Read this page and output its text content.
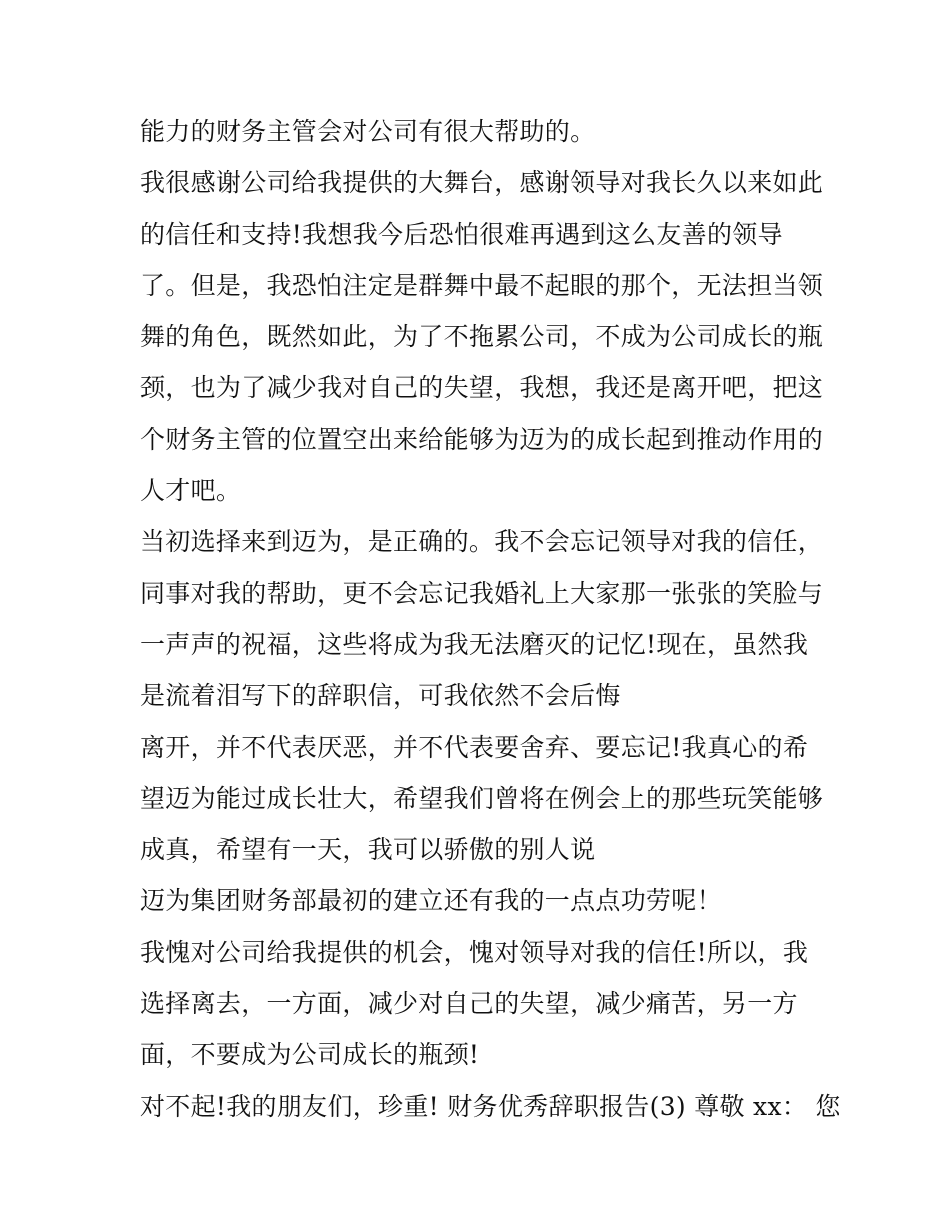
能力的财务主管会对公司有很大帮助的。
我很感谢公司给我提供的大舞台，感谢领导对我长久以来如此
的信任和支持!我想我今后恐怕很难再遇到这么友善的领导
了。但是，我恐怕注定是群舞中最不起眼的那个，无法担当领
舞的角色，既然如此，为了不拖累公司，不成为公司成长的瓶
颈，也为了减少我对自己的失望，我想，我还是离开吧，把这
个财务主管的位置空出来给能够为迈为的成长起到推动作用的
人才吧。
当初选择来到迈为，是正确的。我不会忘记领导对我的信任，
同事对我的帮助，更不会忘记我婚礼上大家那一张张的笑脸与
一声声的祝福，这些将成为我无法磨灭的记忆!现在，虽然我
是流着泪写下的辞职信，可我依然不会后悔
离开，并不代表厌恶，并不代表要舍弃、要忘记!我真心的希
望迈为能过成长壮大，希望我们曾将在例会上的那些玩笑能够
成真，希望有一天，我可以骄傲的别人说
迈为集团财务部最初的建立还有我的一点点功劳呢！
我愧对公司给我提供的机会，愧对领导对我的信任!所以，我
选择离去，一方面，减少对自己的失望，减少痛苦，另一方
面，不要成为公司成长的瓶颈!
对不起!我的朋友们，珍重! 财务优秀辞职报告(3) 尊敬 xx： 您
